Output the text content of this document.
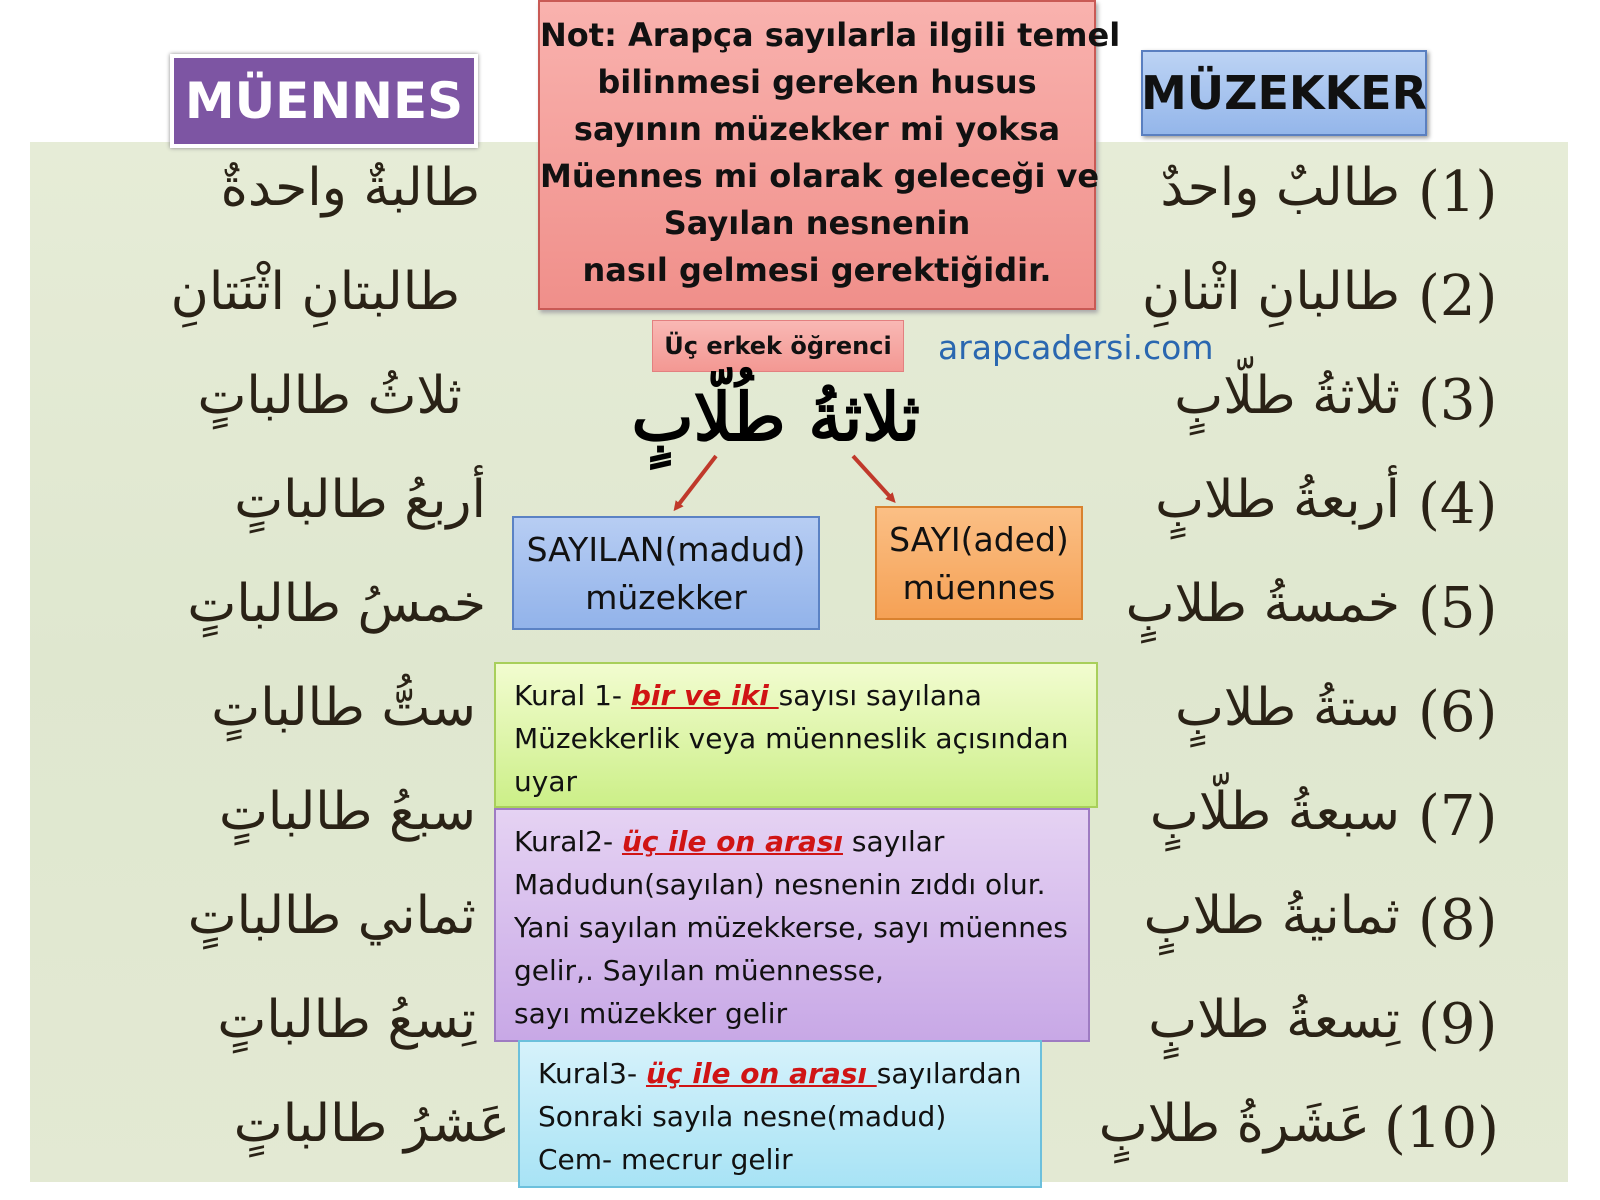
MÜENNES	MÜZEKKER
طالبةٌ واحدةٌ
طالبتانِ اثْنَتانِ
ثلاثُ طالباتٍ
أربعُ طالباتٍ
خمسُ طالباتٍ
ستُّ طالباتٍ
سبعُ طالباتٍ
ثماني طالباتٍ
تِسعُ طالباتٍ
عَشرُ طالباتٍ
طالبٌ واحدٌ (1)
طالبانِ اثْنانِ (2)
ثلاثةُ طلّابٍ (3)
أربعةُ طلابٍ (4)
خمسةُ طلابٍ (5)
ستةُ طلابٍ (6)
سبعةُ طلّابٍ (7)
ثمانيةُ طلابٍ (8)
تِسعةُ طلابٍ (9)
عَشَرةُ طلابٍ (10)
Not: Arapça sayılarla ilgili temel
bilinmesi gereken husus
sayının müzekker mi yoksa
Müennes mi olarak geleceği ve
Sayılan nesnenin
nasıl gelmesi gerektiğidir.
Üç erkek öğrenci	arapcadersi.com
ثلاثةُ طُلّابٍ
SAYILAN(madud)
müzekker
SAYI(aded)
müennes
Kural 1- bir ve iki sayısı sayılana
Müzekkerlik veya müenneslik açısından
uyar
Kural2- üç ile on arası sayılar
Madudun(sayılan) nesnenin zıddı olur.
Yani sayılan müzekkerse, sayı müennes
gelir,. Sayılan müennesse,
sayı müzekker gelir
Kural3- üç ile on arası sayılardan
Sonraki sayıla nesne(madud)
Cem- mecrur gelir
